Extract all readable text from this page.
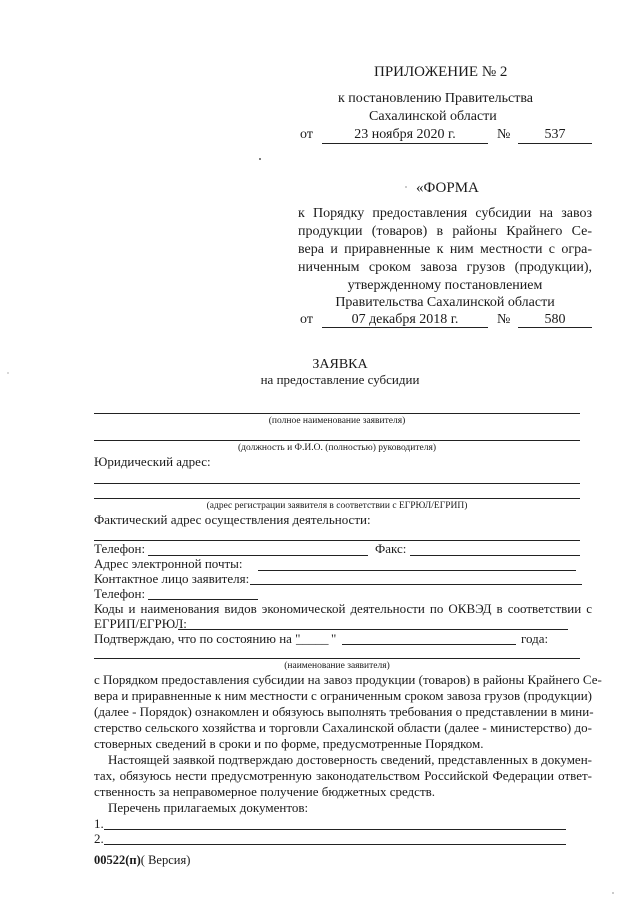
ПРИЛОЖЕНИЕ № 2
к постановлению Правительства
Сахалинской области
от	23 ноября 2020 г.	№	537
«ФОРМА
к Порядку предоставления субсидии на завоз
продукции (товаров) в районы Крайнего Се-
вера и приравненные к ним местности с огра-
ниченным сроком завоза грузов (продукции),
утвержденному постановлением
Правительства Сахалинской области
от	07 декабря 2018 г.	№	580
ЗАЯВКА
на предоставление субсидии
(полное наименование заявителя)
(должность и Ф.И.О. (полностью) руководителя)
Юридический адрес:
(адрес регистрации заявителя в соответствии с ЕГРЮЛ/ЕГРИП)
Фактический адрес осуществления деятельности:
Телефон:	Факс:
Адрес электронной почты:
Контактное лицо заявителя:
Телефон:
Коды и наименования видов экономической деятельности по ОКВЭД в соответствии с
ЕГРИП/ЕГРЮЛ:
Подтверждаю, что по состоянию на "
_____ "	года:
(наименование заявителя)
с Порядком предоставления субсидии на завоз продукции (товаров) в районы Крайнего Се-
вера и приравненные к ним местности с ограниченным сроком завоза грузов (продукции)
(далее - Порядок) ознакомлен и обязуюсь выполнять требования о представлении в мини-
стерство сельского хозяйства и торговли Сахалинской области (далее - министерство) до-
стоверных сведений в сроки и по форме, предусмотренные Порядком.
Настоящей заявкой подтверждаю достоверность сведений, представленных в докумен-
тах, обязуюсь нести предусмотренную законодательством Российской Федерации ответ-
ственность за неправомерное получение бюджетных средств.
Перечень прилагаемых документов:
1.
2.
00522(п)( Версия)
